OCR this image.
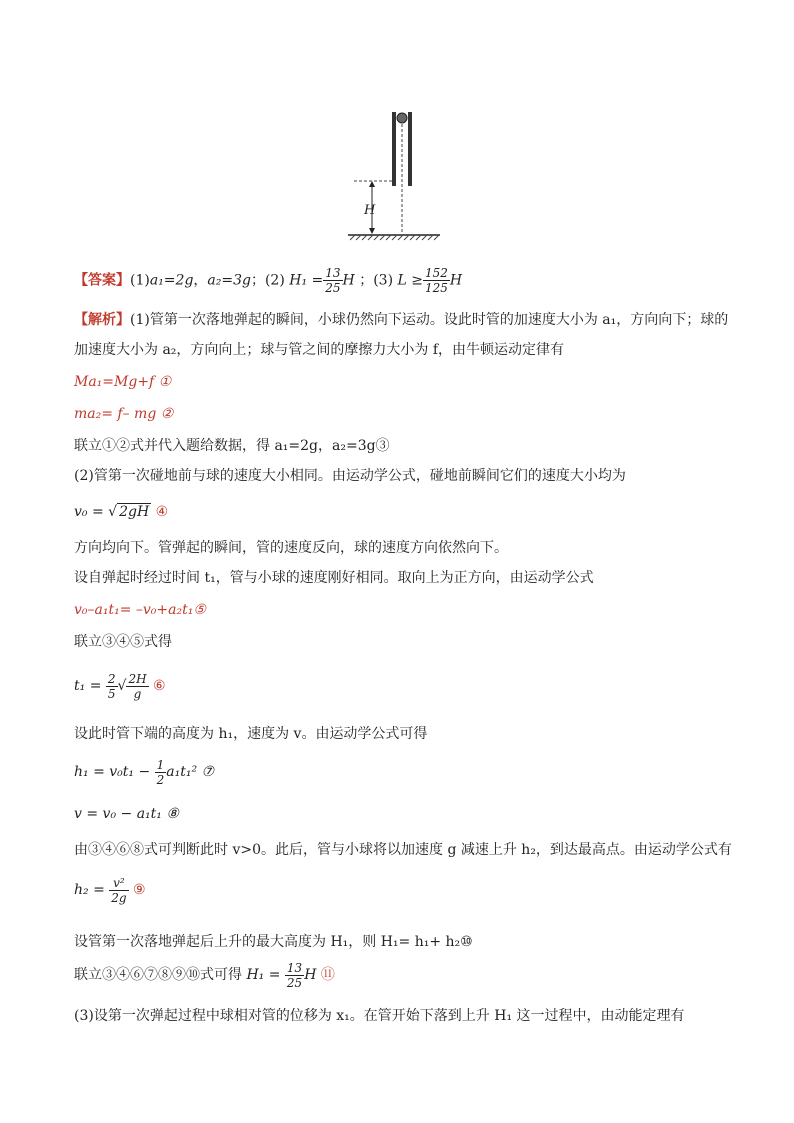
H
【答案】(1)a₁=2g，a₂=3g；(2) $H_1 = \frac{13}{25}$ H ；(3) $L \ge \frac{152}{125}$ H
【解析】(1)管第一次落地弹起的瞬间，小球仍然向下运动。设此时管的加速度大小为 a₁，方向向下；球的
加速度大小为 a₂，方向向上；球与管之间的摩擦力大小为 f，由牛顿运动定律有
Ma₁=Mg+f ①
ma₂= f– mg ②
联立①②式并代入题给数据，得 a₁=2g，a₂=3g③
(2)管第一次碰地前与球的速度大小相同。由运动学公式，碰地前瞬间它们的速度大小均为
v₀ = √ 2gH ④
方向均向下。管弹起的瞬间，管的速度反向，球的速度方向依然向下。
设自弹起时经过时间 t₁，管与小球的速度刚好相同。取向上为正方向，由运动学公式
v₀–a₁t₁= –v₀+a₂t₁⑤
联立③④⑤式得
$t_1 = \frac{2}{5}$ √ $\frac{2H}{g}$ ⑥
设此时管下端的高度为 h₁，速度为 v。由运动学公式可得
$h_1 = v_0t_1 - \frac{1}{2} a_1t_1^2$ ⑦
v = v₀ − a₁t₁ ⑧
由③④⑥⑧式可判断此时 v>0。此后，管与小球将以加速度 g 减速上升 h₂，到达最高点。由运动学公式有
$h_2 = \frac{\text{v²}}{2g}$ ⑨
设管第一次落地弹起后上升的最大高度为 H₁，则 H₁= h₁+ h₂⑩
联立③④⑥⑦⑧⑨⑩式可得 $H_1 = \frac{13}{25}$ H ⑪
(3)设第一次弹起过程中球相对管的位移为 x₁。在管开始下落到上升 H₁ 这一过程中，由动能定理有
